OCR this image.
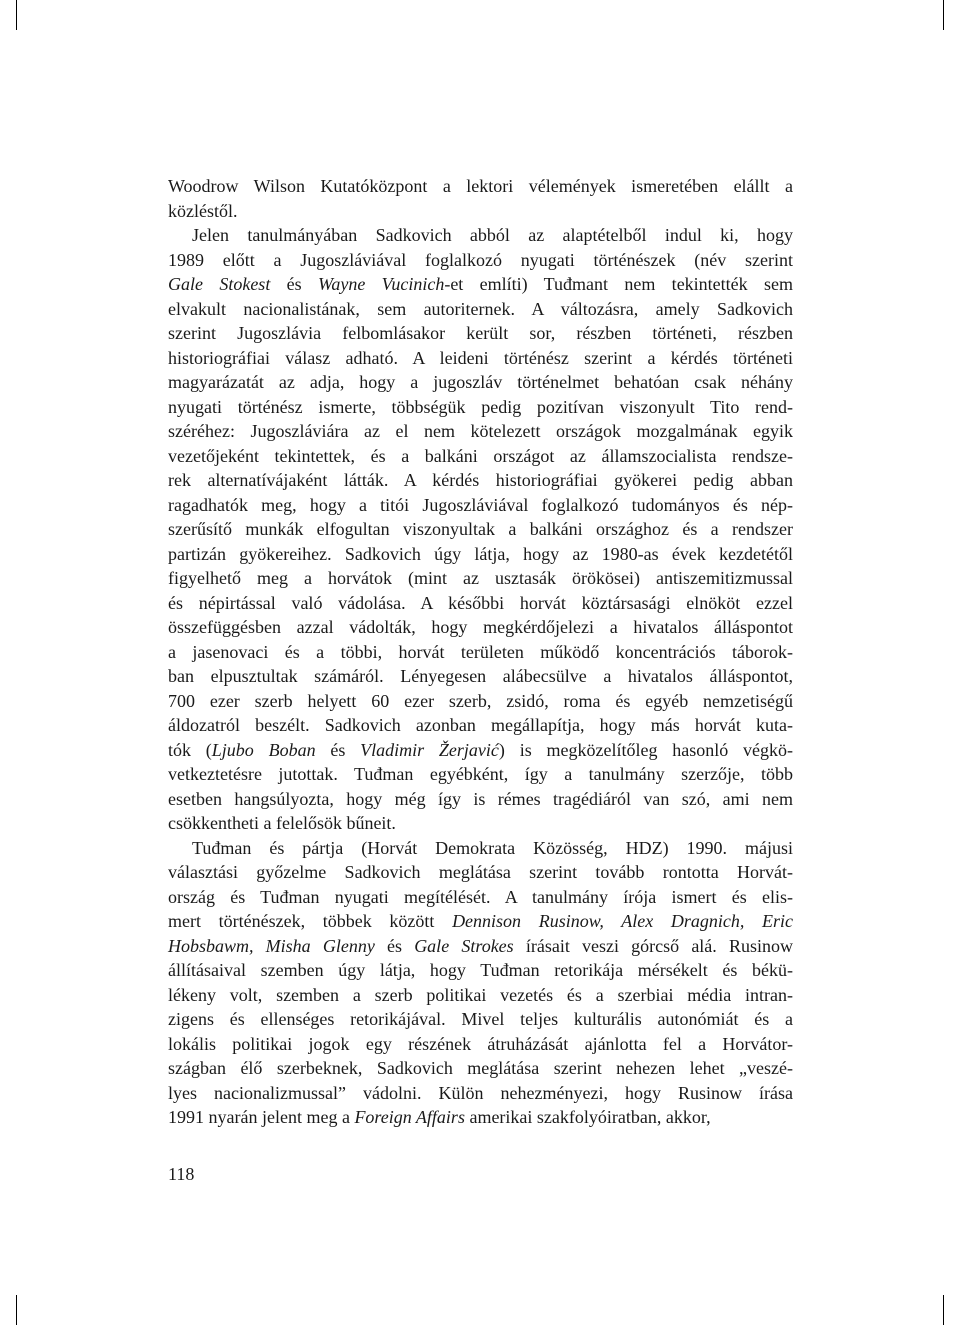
Woodrow Wilson Kutatóközpont a lektori vélemények ismeretében elállt a
közléstől.
Jelen tanulmányában Sadkovich abból az alaptételből indul ki, hogy
1989 előtt a Jugoszláviával foglalkozó nyugati történészek (név szerint
Gale Stokest és Wayne Vucinich-et említi) Tuđmant nem tekintették sem
elvakult nacionalistának, sem autoriternek. A változásra, amely Sadkovich
szerint Jugoszlávia felbomlásakor került sor, részben történeti, részben
historiográfiai válasz adható. A leideni történész szerint a kérdés történeti
magyarázatát az adja, hogy a jugoszláv történelmet behatóan csak néhány
nyugati történész ismerte, többségük pedig pozitívan viszonyult Tito rend-
széréhez: Jugoszláviára az el nem kötelezett országok mozgalmának egyik
vezetőjeként tekintettek, és a balkáni országot az államszocialista rendsze-
rek alternatívájaként látták. A kérdés historiográfiai gyökerei pedig abban
ragadhatók meg, hogy a titói Jugoszláviával foglalkozó tudományos és nép-
szerűsítő munkák elfogultan viszonyultak a balkáni országhoz és a rendszer
partizán gyökereihez. Sadkovich úgy látja, hogy az 1980-as évek kezdetétől
figyelhető meg a horvátok (mint az usztasák örökösei) antiszemitizmussal
és népirtással való vádolása. A későbbi horvát köztársasági elnököt ezzel
összefüggésben azzal vádolták, hogy megkérdőjelezi a hivatalos álláspontot
a jasenovaci és a többi, horvát területen működő koncentrációs táborok-
ban elpusztultak számáról. Lényegesen alábecsülve a hivatalos álláspontot,
700 ezer szerb helyett 60 ezer szerb, zsidó, roma és egyéb nemzetiségű
áldozatról beszélt. Sadkovich azonban megállapítja, hogy más horvát kuta-
tók (Ljubo Boban és Vladimir Žerjavić) is megközelítőleg hasonló végkö-
vetkeztetésre jutottak. Tuđman egyébként, így a tanulmány szerzője, több
esetben hangsúlyozta, hogy még így is rémes tragédiáról van szó, ami nem
csökkentheti a felelősök bűneit.
Tuđman és pártja (Horvát Demokrata Közösség, HDZ) 1990. májusi
választási győzelme Sadkovich meglátása szerint tovább rontotta Horvát-
ország és Tuđman nyugati megítélését. A tanulmány írója ismert és elis-
mert történészek, többek között Dennison Rusinow, Alex Dragnich, Eric
Hobsbawm, Misha Glenny és Gale Strokes írásait veszi górcső alá. Rusinow
állításaival szemben úgy látja, hogy Tuđman retorikája mérsékelt és békü-
lékeny volt, szemben a szerb politikai vezetés és a szerbiai média intran-
zigens és ellenséges retorikájával. Mivel teljes kulturális autonómiát és a
lokális politikai jogok egy részének átruházását ajánlotta fel a Horvátor-
szágban élő szerbeknek, Sadkovich meglátása szerint nehezen lehet „veszé-
lyes nacionalizmussal” vádolni. Külön nehezményezi, hogy Rusinow írása
1991 nyarán jelent meg a Foreign Affairs amerikai szakfolyóiratban, akkor,
118
